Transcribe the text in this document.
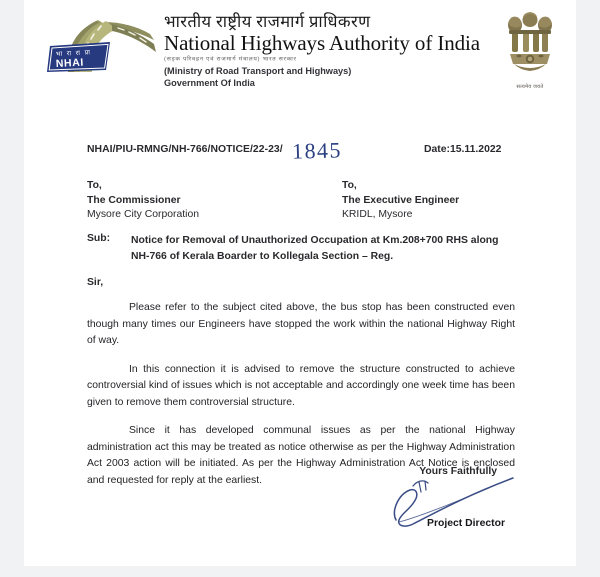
भा रा रा प्रा
NHAI
भारतीय राष्ट्रीय राजमार्ग प्राधिकरण
National Highways Authority of India
(सड़क परिवहन एवं राजमार्ग मंत्रालय) भारत सरकार
(Ministry of Road Transport and Highways)
Government Of India	सत्यमेव जयते
NHAI/PIU-RMNG/NH-766/NOTICE/22-23/ 1845	Date:15.11.2022
To,
The Commissioner
Mysore City Corporation
To,
The Executive Engineer
KRIDL, Mysore
Sub: Notice for Removal of Unauthorized Occupation at Km.208+700 RHS along NH-766 of Kerala Boarder to Kollegala Section – Reg.
Sir,

Please refer to the subject cited above, the bus stop has been constructed even though many times our Engineers have stopped the work within the national Highway Right of way.

In this connection it is advised to remove the structure constructed to achieve controversial kind of issues which is not acceptable and accordingly one week time has been given to remove them controversial structure.

Since it has developed communal issues as per the national Highway administration act this may be treated as notice otherwise as per the Highway Administration Act 2003 action will be initiated. As per the Highway Administration Act Notice is enclosed and requested for reply at the earliest.

Yours Faithfully
Project Director
